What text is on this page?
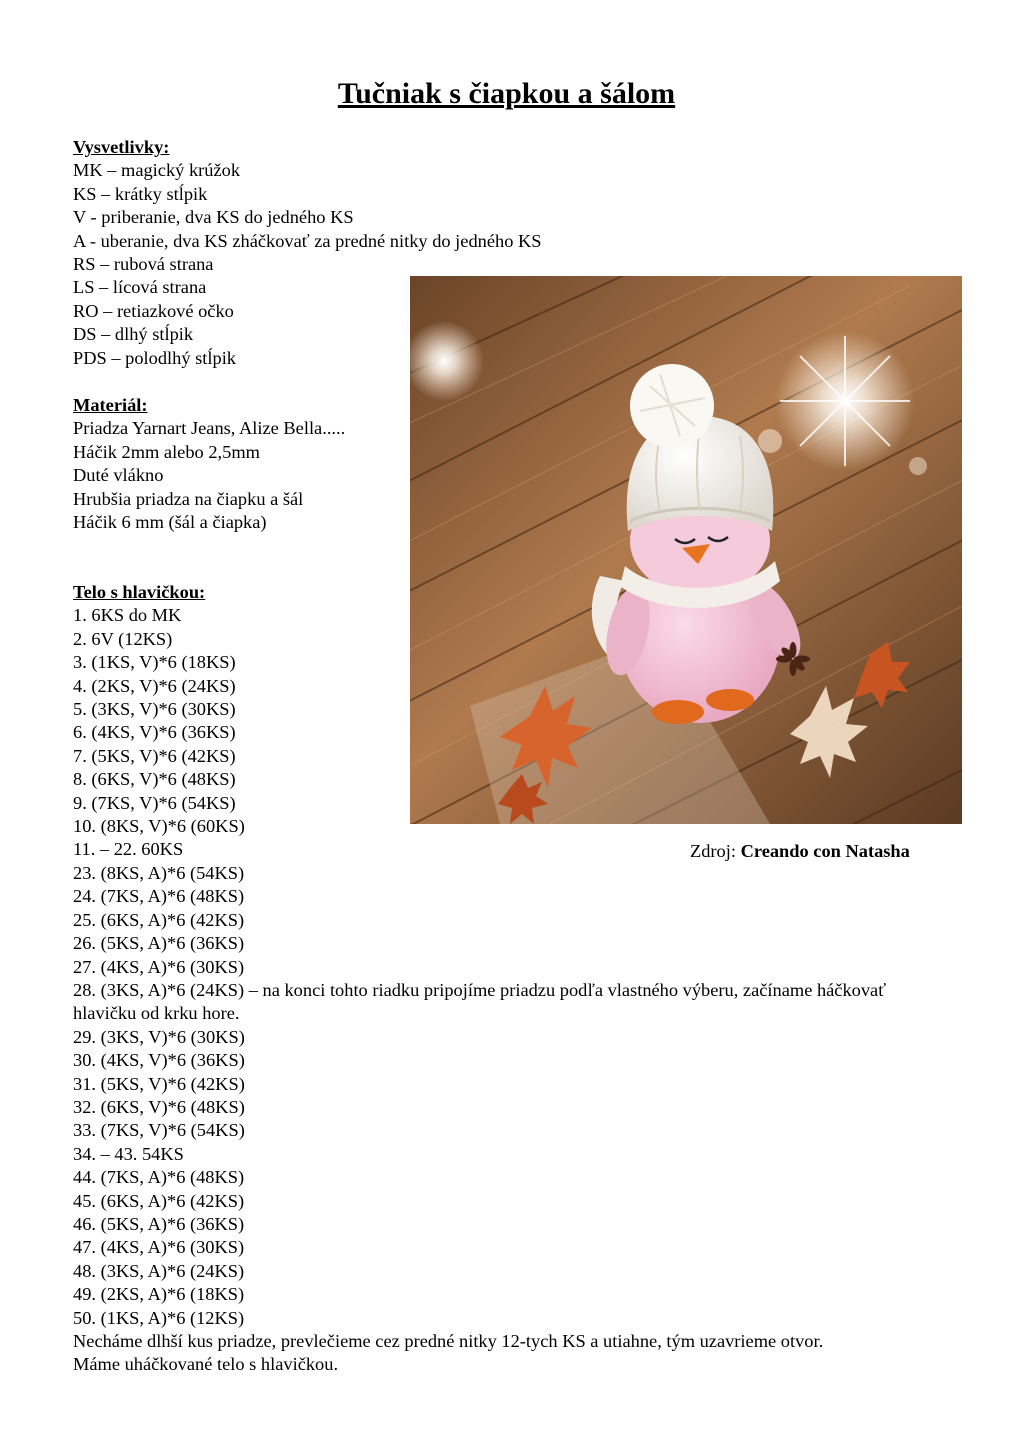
Tučniak s čiapkou a šálom
Vysvetlivky:
MK – magický krúžok
KS – krátky stĺpik
V - priberanie, dva KS do jedného KS
A - uberanie, dva KS zháčkovať za predné nitky do jedného KS
RS – rubová strana
LS – lícová strana
RO – retiazkové očko
DS – dlhý stĺpik
PDS – polodlhý stĺpik
Materiál:
Priadza Yarnart Jeans, Alize Bella.....
Háčik 2mm alebo 2,5mm
Duté vlákno
Hrubšia priadza na čiapku a šál
Háčik 6 mm (šál a čiapka)
Telo s hlavičkou:
1. 6KS do MK
2. 6V (12KS)
3. (1KS, V)*6 (18KS)
4. (2KS, V)*6 (24KS)
5. (3KS, V)*6 (30KS)
6. (4KS, V)*6 (36KS)
7. (5KS, V)*6 (42KS)
8. (6KS, V)*6 (48KS)
9. (7KS, V)*6 (54KS)
10. (8KS, V)*6 (60KS)
11. – 22. 60KS
23. (8KS, A)*6 (54KS)
24. (7KS, A)*6 (48KS)
25. (6KS, A)*6 (42KS)
26. (5KS, A)*6 (36KS)
27. (4KS, A)*6 (30KS)
28. (3KS, A)*6 (24KS) – na konci tohto riadku pripojíme priadzu podľa vlastného výberu, začíname háčkovať hlavičku od krku hore.
29. (3KS, V)*6 (30KS)
30. (4KS, V)*6 (36KS)
31. (5KS, V)*6 (42KS)
32. (6KS, V)*6 (48KS)
33. (7KS, V)*6 (54KS)
34. – 43. 54KS
44. (7KS, A)*6 (48KS)
45. (6KS, A)*6 (42KS)
46. (5KS, A)*6 (36KS)
47. (4KS, A)*6 (30KS)
48. (3KS, A)*6 (24KS)
49. (2KS, A)*6 (18KS)
50. (1KS, A)*6 (12KS)
Necháme dlhší kus priadze, prevlečieme cez predné nitky 12-tych KS a utiahne, tým uzavrieme otvor.
Máme uháčkované telo s hlavičkou.
Zdroj: Creando con Natasha
